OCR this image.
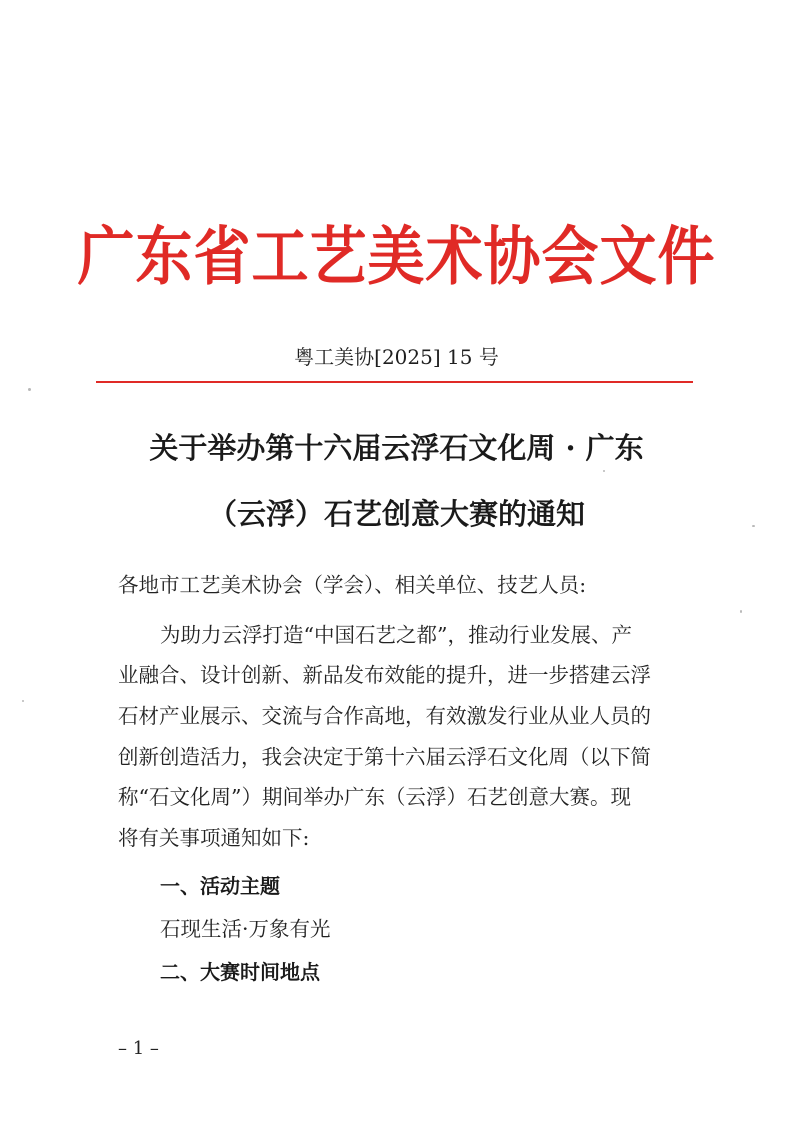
广东省工艺美术协会文件
粤工美协[2025] 15 号
关于举办第十六届云浮石文化周 · 广东
（云浮）石艺创意大赛的通知
各地市工艺美术协会（学会）、相关单位、技艺人员:
为助力云浮打造“中国石艺之都”，推动行业发展、产
业融合、设计创新、新品发布效能的提升，进一步搭建云浮
石材产业展示、交流与合作高地，有效激发行业从业人员的
创新创造活力，我会决定于第十六届云浮石文化周（以下简
称“石文化周”）期间举办广东（云浮）石艺创意大赛。现
将有关事项通知如下:
一、活动主题
石现生活·万象有光
二、大赛时间地点
– 1 –
